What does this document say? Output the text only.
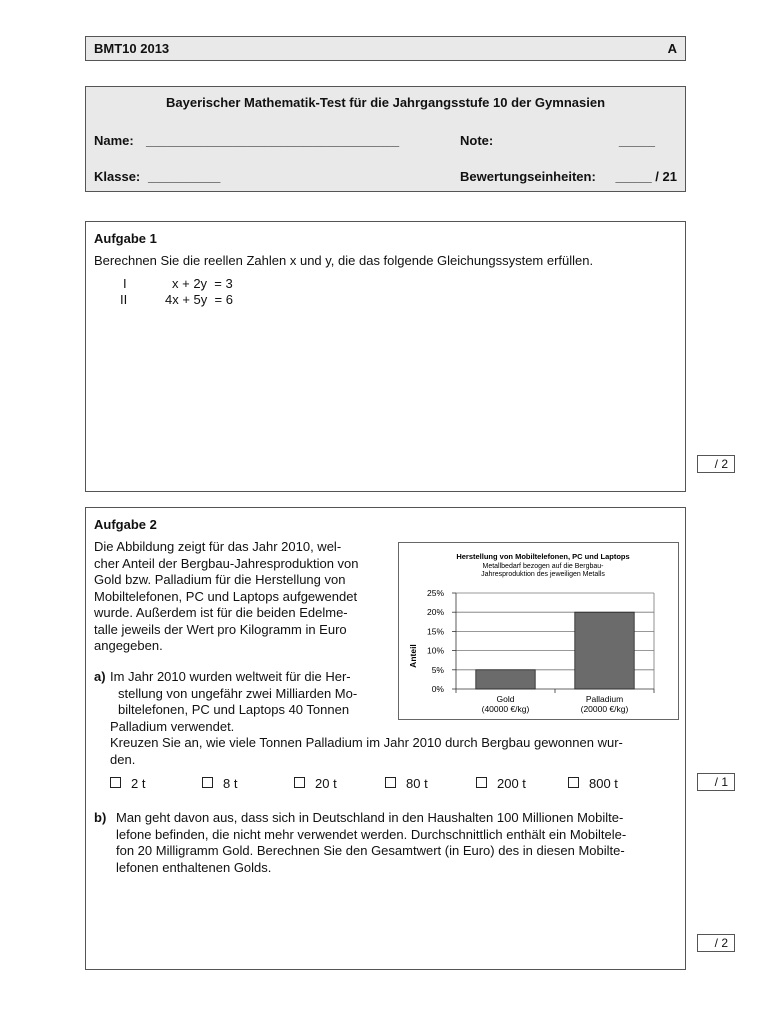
BMT10 2013	A
Bayerischer Mathematik-Test für die Jahrgangsstufe 10 der Gymnasien
Name: ___________________________________	Note:	_____
Klasse: __________	Bewertungseinheiten: _____ / 21
Aufgabe 1
Berechnen Sie die reellen Zahlen x und y, die das folgende Gleichungssystem erfüllen.
I	x + 2y  = 3
II	4x + 5y  = 6
/ 2
Aufgabe 2
Die Abbildung zeigt für das Jahr 2010, wel-
cher Anteil der Bergbau-Jahresproduktion von
Gold bzw. Palladium für die Herstellung von
Mobiltelefonen, PC und Laptops aufgewendet
wurde. Außerdem ist für die beiden Edelme-
talle jeweils der Wert pro Kilogramm in Euro
angegeben.
Herstellung von Mobiltelefonen, PC und Laptops
Metallbedarf bezogen auf die Bergbau-
Jahresproduktion des jeweiligen Metalls
Anteil
0%
5%
10%
15%
20%
25%
Gold
(40000 €/kg)
Palladium
(20000 €/kg)
a) Im Jahr 2010 wurden weltweit für die Her-
stellung von ungefähr zwei Milliarden Mo-
biltelefonen, PC und Laptops 40 Tonnen
Palladium verwendet.
Kreuzen Sie an, wie viele Tonnen Palladium im Jahr 2010 durch Bergbau gewonnen wur-
den.
2 t	8 t	20 t	80 t	200 t	800 t
b) Man geht davon aus, dass sich in Deutschland in den Haushalten 100 Millionen Mobilte-
lefone befinden, die nicht mehr verwendet werden. Durchschnittlich enthält ein Mobiltele-
fon 20 Milligramm Gold. Berechnen Sie den Gesamtwert (in Euro) des in diesen Mobilte-
lefonen enthaltenen Golds.
/ 1
/ 2
